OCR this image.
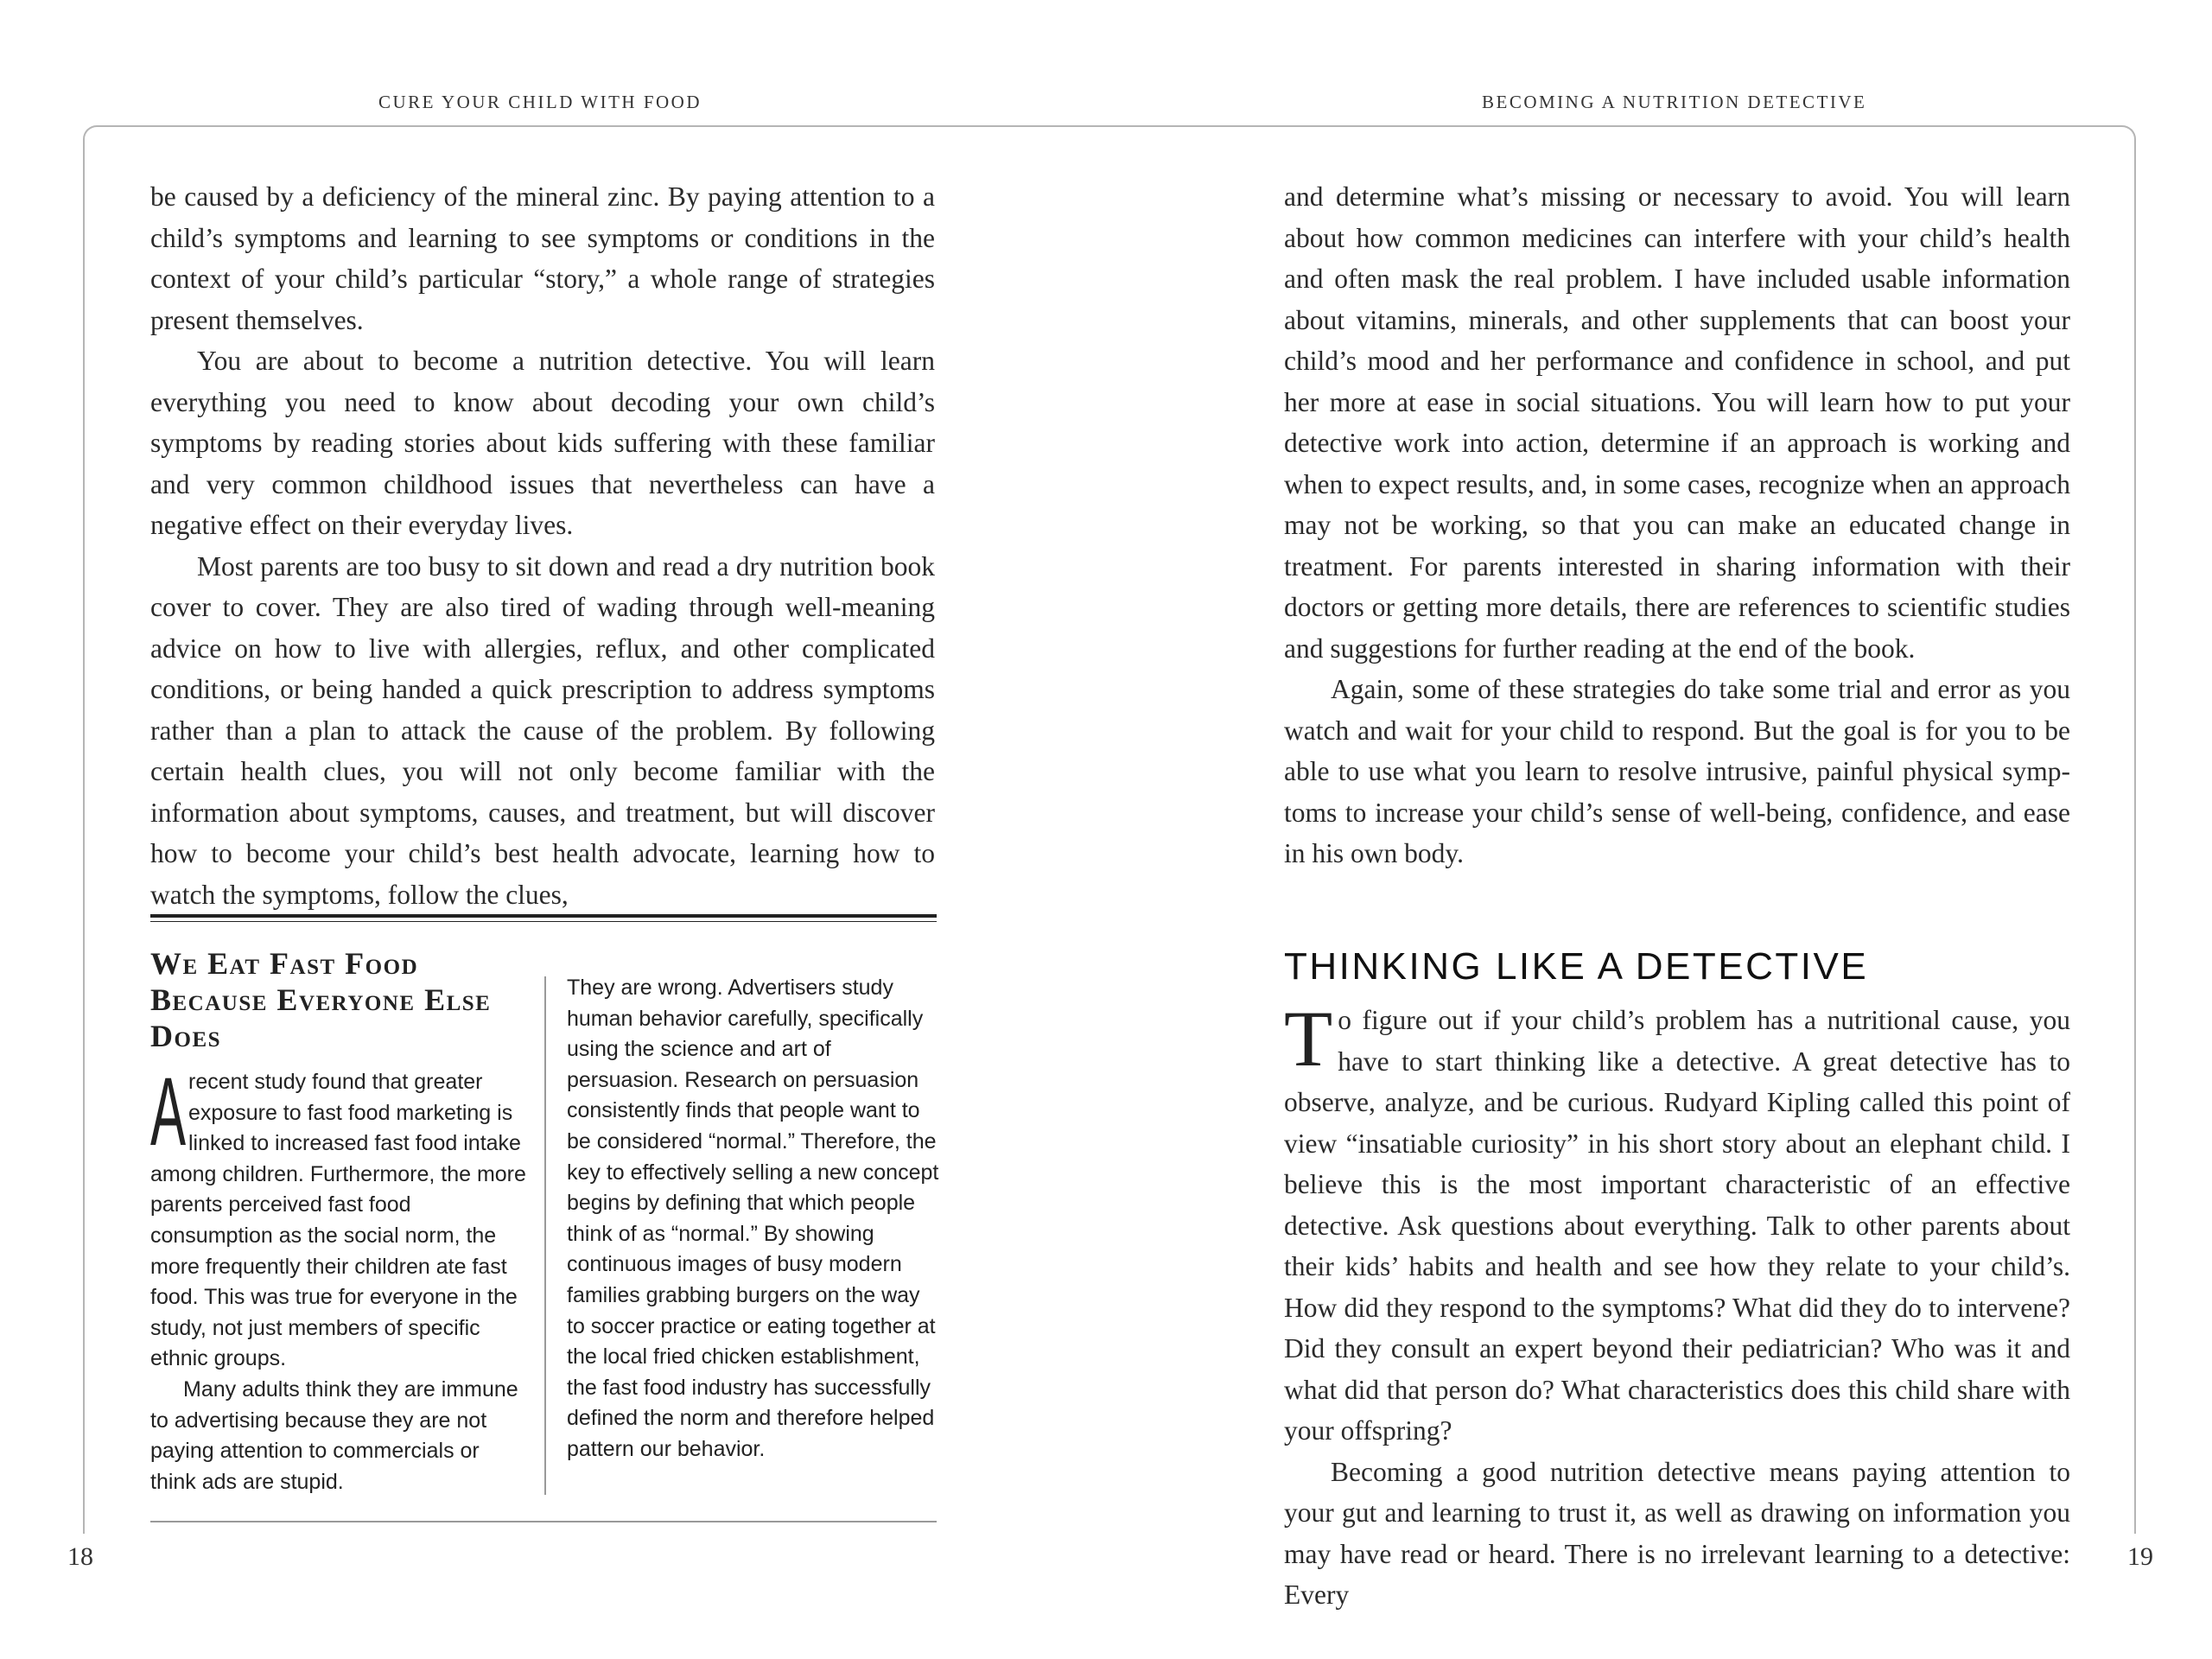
CURE YOUR CHILD WITH FOOD	BECOMING A NUTRITION DETECTIVE

be caused by a deficiency of the mineral zinc. By paying attention to a child’s symptoms and learning to see symptoms or conditions in the context of your child’s particular “story,” a whole range of strategies present themselves.

You are about to become a nutrition detective. You will learn everything you need to know about decoding your own child’s symptoms by reading stories about kids suffering with these familiar and very common childhood issues that nevertheless can have a negative effect on their everyday lives.

Most parents are too busy to sit down and read a dry nutrition book cover to cover. They are also tired of wading through well-meaning advice on how to live with allergies, reflux, and other complicated conditions, or being handed a quick prescription to address symptoms rather than a plan to attack the cause of the problem. By following certain health clues, you will not only become familiar with the information about symptoms, causes, and treatment, but will discover how to become your child’s best health advocate, learning how to watch the symptoms, follow the clues,

We Eat Fast Food Because Everyone Else Does

Arecent study found that greater exposure to fast food marketing is linked to increased fast food intake among children. Furthermore, the more parents perceived fast food consumption as the social norm, the more frequently their children ate fast food. This was true for everyone in the study, not just members of specific ethnic groups.

Many adults think they are immune to advertising because they are not paying attention to commercials or think ads are stupid.

They are wrong. Advertisers study human behavior carefully, specifically using the science and art of persuasion. Research on persuasion consistently finds that people want to be considered “normal.” Therefore, the key to effectively selling a new concept begins by defining that which people think of as “normal.” By showing continuous images of busy modern families grabbing burgers on the way to soccer practice or eating together at the local fried chicken establishment, the fast food industry has successfully defined the norm and therefore helped pattern our behavior.

and determine what’s missing or necessary to avoid. You will learn about how common medicines can interfere with your child’s health and often mask the real problem. I have included usable information about vitamins, minerals, and other supplements that can boost your child’s mood and her performance and confidence in school, and put her more at ease in social situations. You will learn how to put your detective work into action, determine if an approach is working and when to expect results, and, in some cases, recognize when an approach may not be working, so that you can make an educated change in treatment. For parents interested in sharing information with their doctors or getting more details, there are references to scientific studies and suggestions for further reading at the end of the book.

Again, some of these strategies do take some trial and error as you watch and wait for your child to respond. But the goal is for you to be able to use what you learn to resolve intrusive, painful physical symptoms to increase your child’s sense of well-being, confidence, and ease in his own body.

THINKING LIKE A DETECTIVE

To figure out if your child’s problem has a nutritional cause, you have to start thinking like a detective. A great detective has to observe, analyze, and be curious. Rudyard Kipling called this point of view “insatiable curiosity” in his short story about an elephant child. I believe this is the most important characteristic of an effective detective. Ask questions about everything. Talk to other parents about their kids’ habits and health and see how they relate to your child’s. How did they respond to the symptoms? What did they do to intervene? Did they consult an expert beyond their pediatrician? Who was it and what did that person do? What characteristics does this child share with your offspring?

Becoming a good nutrition detective means paying attention to your gut and learning to trust it, as well as drawing on information you may have read or heard. There is no irrelevant learning to a detective: Every

18	19
